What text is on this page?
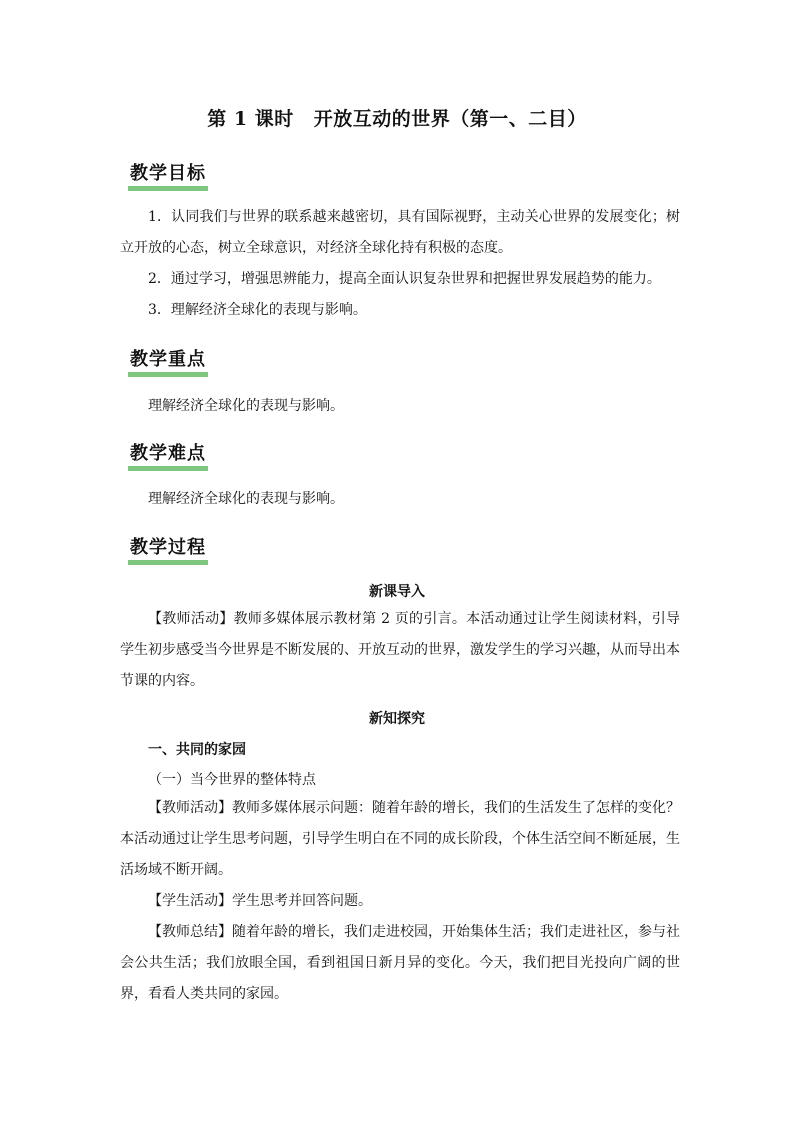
第 1 课时 开放互动的世界（第一、二目）
教学目标
1．认同我们与世界的联系越来越密切，具有国际视野，主动关心世界的发展变化；树立开放的心态，树立全球意识，对经济全球化持有积极的态度。
2．通过学习，增强思辨能力，提高全面认识复杂世界和把握世界发展趋势的能力。
3．理解经济全球化的表现与影响。
教学重点
理解经济全球化的表现与影响。
教学难点
理解经济全球化的表现与影响。
教学过程
新课导入
【教师活动】教师多媒体展示教材第 2 页的引言。本活动通过让学生阅读材料，引导学生初步感受当今世界是不断发展的、开放互动的世界，激发学生的学习兴趣，从而导出本节课的内容。
新知探究
一、共同的家园
（一）当今世界的整体特点
【教师活动】教师多媒体展示问题：随着年龄的增长，我们的生活发生了怎样的变化？本活动通过让学生思考问题，引导学生明白在不同的成长阶段，个体生活空间不断延展，生活场域不断开阔。
【学生活动】学生思考并回答问题。
【教师总结】随着年龄的增长，我们走进校园，开始集体生活；我们走进社区，参与社会公共生活；我们放眼全国，看到祖国日新月异的变化。今天，我们把目光投向广阔的世界，看看人类共同的家园。
